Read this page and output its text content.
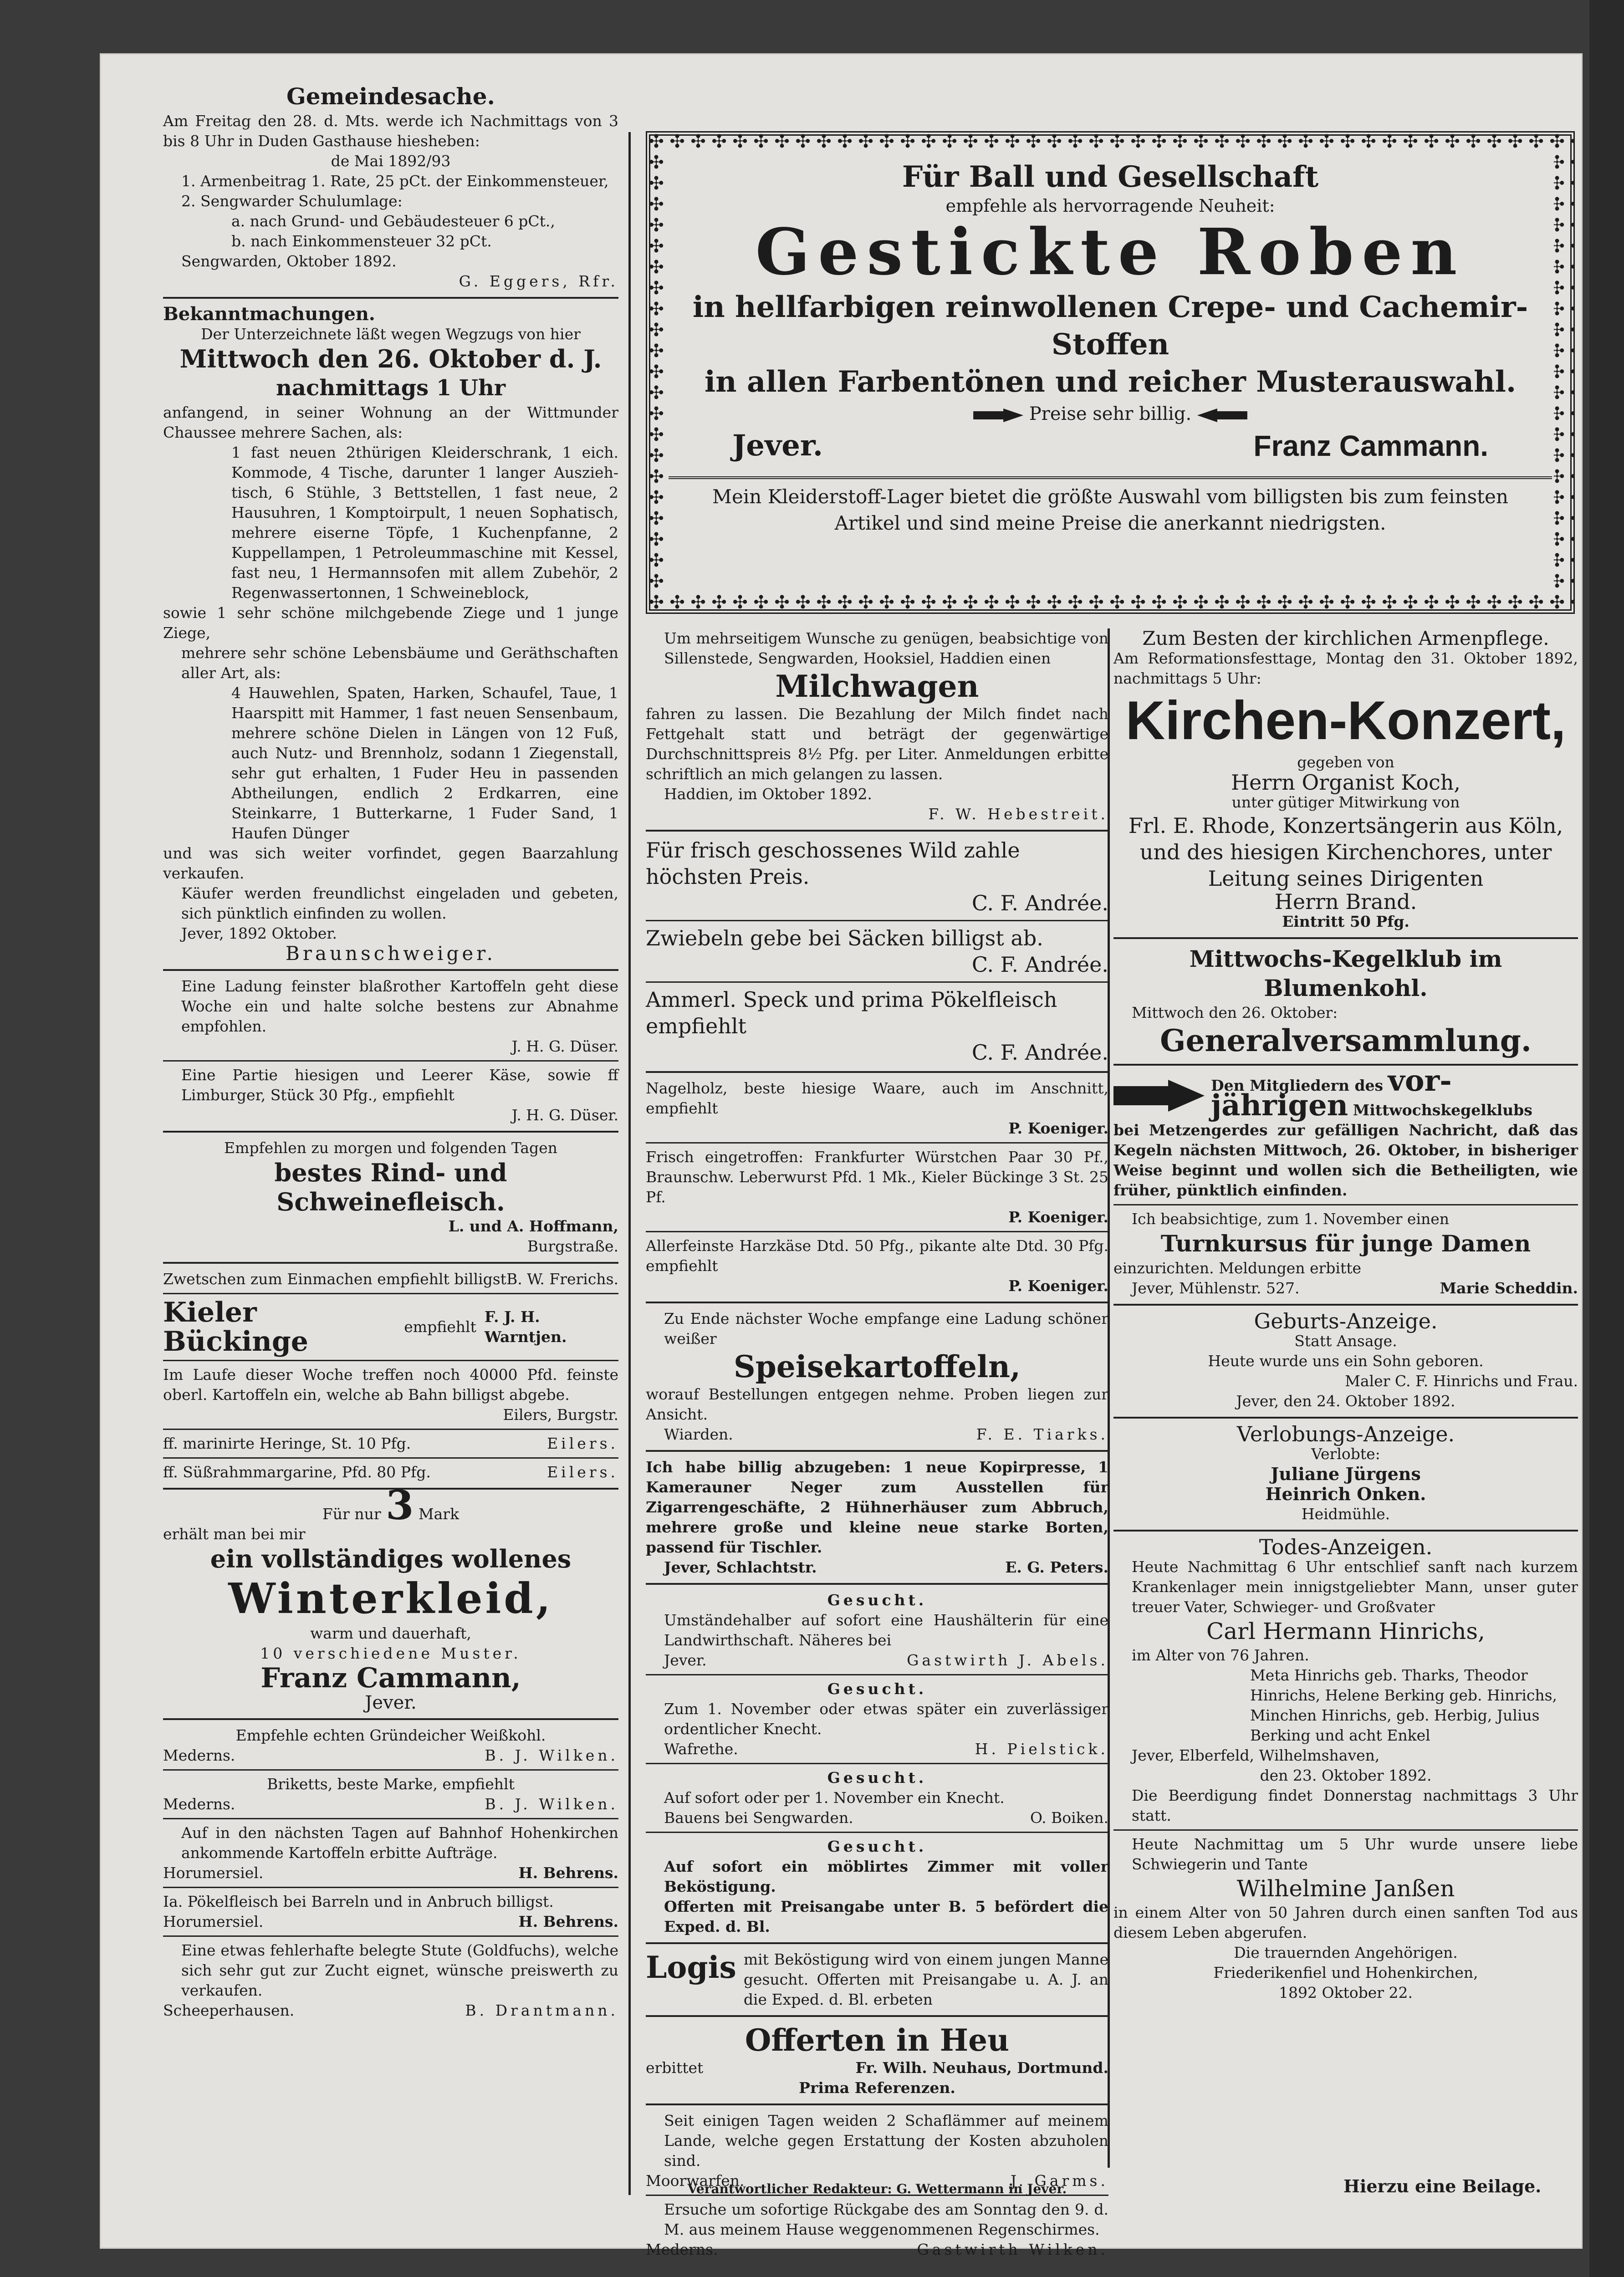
Gemeindesache.
Am Freitag den 28. d. Mts. werde ich Nachmittags von 3 bis 8 Uhr in Duden Gasthause hiesheben:
de Mai 1892/93
1. Armenbeitrag 1. Rate, 25 pCt. der Einkommensteuer,
2. Sengwarder Schulumlage:
a. nach Grund- und Gebäudesteuer 6 pCt.,
b. nach Einkommensteuer 32 pCt.
Sengwarden, Oktober 1892.
G. Eggers, Rfr.
Bekanntmachungen.
Der Unterzeichnete läßt wegen Wegzugs von hier
Mittwoch den 26. Oktober d. J.
nachmittags 1 Uhr
anfangend, in seiner Wohnung an der Wittmunder Chaussee mehrere Sachen, als:
1 fast neuen 2thürigen Kleiderschrank, 1 eich. Kommode, 4 Tische, darunter 1 langer Ausziehtisch, 6 Stühle, 3 Bettstellen, 1 fast neue, 2 Hausuhren, 1 Komptoirpult, 1 neuen Sophatisch, mehrere eiserne Töpfe, 1 Kuchenpfanne, 2 Kuppellampen, 1 Petroleummaschine mit Kessel, fast neu, 1 Hermannsofen mit allem Zubehör, 2 Regenwassertonnen, 1 Schweineblock,
sowie 1 sehr schöne milchgebende Ziege und 1 junge Ziege,
mehrere sehr schöne Lebensbäume und Geräthschaften aller Art, als:
4 Hauwehlen, Spaten, Harken, Schaufel, Taue, 1 Haarspitt mit Hammer, 1 fast neuen Sensenbaum, mehrere schöne Dielen in Längen von 12 Fuß, auch Nutz- und Brennholz, sodann 1 Ziegenstall, sehr gut erhalten, 1 Fuder Heu in passenden Abtheilungen, endlich 2 Erdkarren, eine Steinkarre, 1 Butterkarne, 1 Fuder Sand, 1 Haufen Dünger
und was sich weiter vorfindet, gegen Baarzahlung verkaufen.
Käufer werden freundlichst eingeladen und gebeten, sich pünktlich einfinden zu wollen.
Jever, 1892 Oktober.
Braunschweiger.
Eine Ladung feinster blaßrother Kartoffeln geht diese Woche ein und halte solche bestens zur Abnahme empfohlen.
J. H. G. Düser.
Eine Partie hiesigen und Leerer Käse, sowie ff Limburger, Stück 30 Pfg., empfiehlt
J. H. G. Düser.
Empfehlen zu morgen und folgenden Tagen
bestes Rind- und Schweinefleisch.
L. und A. Hoffmann,
Burgstraße.
Zwetschen zum Einmachen empfiehlt billigst B. W. Frerichs.
Kieler Bückinge	empfiehlt
F. J. H. Warntjen.
Im Laufe dieser Woche treffen noch 40000 Pfd. feinste oberl. Kartoffeln ein, welche ab Bahn billigst abgebe.
Eilers, Burgstr.
ff. marinirte Heringe, St. 10 Pfg.	Eilers.
ff. Süßrahmmargarine, Pfd. 80 Pfg.	Eilers.
Für nur 3 Mark
erhält man bei mir
ein vollständiges wollenes
Winterkleid,
warm und dauerhaft,
10 verschiedene Muster.
Franz Cammann,
Jever.
Empfehle echten Gründeicher Weißkohl.
Mederns.	B. J. Wilken.
Briketts, beste Marke, empfiehlt
Mederns.	B. J. Wilken.
Auf in den nächsten Tagen auf Bahnhof Hohenkirchen ankommende Kartoffeln erbitte Aufträge.
Horumersiel.	H. Behrens.
Ia. Pökelfleisch bei Barreln und in Anbruch billigst.
Horumersiel.	H. Behrens.
Eine etwas fehlerhafte belegte Stute (Goldfuchs), welche sich sehr gut zur Zucht eignet, wünsche preiswerth zu verkaufen.
Scheeperhausen.	B. Drantmann.
Für Ball und Gesellschaft
empfehle als hervorragende Neuheit:
Gestickte Roben
in hellfarbigen reinwollenen Crepe- und Cachemir-Stoffen
in allen Farbentönen und reicher Musterauswahl.
Preise sehr billig.
Jever.	Franz Cammann.
Mein Kleiderstoff-Lager bietet die größte Auswahl vom billigsten bis zum feinsten Artikel und sind meine Preise die anerkannt niedrigsten.
Um mehrseitigem Wunsche zu genügen, beabsichtige von Sillenstede, Sengwarden, Hooksiel, Haddien einen
Milchwagen
fahren zu lassen. Die Bezahlung der Milch findet nach Fettgehalt statt und beträgt der gegenwärtige Durchschnittspreis 8½ Pfg. per Liter. Anmeldungen erbitte schriftlich an mich gelangen zu lassen.
Haddien, im Oktober 1892.
F. W. Hebestreit.
Für frisch geschossenes Wild zahle höchsten Preis.
C. F. Andrée.
Zwiebeln gebe bei Säcken billigst ab.
C. F. Andrée.
Ammerl. Speck und prima Pökelfleisch empfiehlt
C. F. Andrée.
Nagelholz, beste hiesige Waare, auch im Anschnitt, empfiehlt
P. Koeniger.
Frisch eingetroffen: Frankfurter Würstchen Paar 30 Pf., Braunschw. Leberwurst Pfd. 1 Mk., Kieler Bückinge 3 St. 25 Pf.
P. Koeniger.
Allerfeinste Harzkäse Dtd. 50 Pfg., pikante alte Dtd. 30 Pfg. empfiehlt
P. Koeniger.
Zu Ende nächster Woche empfange eine Ladung schöner weißer
Speisekartoffeln,
worauf Bestellungen entgegen nehme. Proben liegen zur Ansicht.
Wiarden.	F. E. Tiarks.
Ich habe billig abzugeben: 1 neue Kopirpresse, 1 Kamerauner Neger zum Ausstellen für Zigarrengeschäfte, 2 Hühnerhäuser zum Abbruch, mehrere große und kleine neue starke Borten, passend für Tischler.
Jever, Schlachtstr.	E. G. Peters.
Gesucht.
Umständehalber auf sofort eine Haushälterin für eine Landwirthschaft. Näheres bei
Jever.	Gastwirth J. Abels.
Gesucht.
Zum 1. November oder etwas später ein zuverlässiger ordentlicher Knecht.
Wafrethe.	H. Pielstick.
Gesucht.
Auf sofort oder per 1. November ein Knecht.
Bauens bei Sengwarden.	O. Boiken.
Gesucht.
Auf sofort ein möblirtes Zimmer mit voller Beköstigung.
Offerten mit Preisangabe unter B. 5 befördert die Exped. d. Bl.
Logis mit Beköstigung wird von einem jungen Manne gesucht. Offerten mit Preisangabe u. A. J. an die Exped. d. Bl. erbeten
Offerten in Heu
erbittet	Fr. Wilh. Neuhaus, Dortmund.
Prima Referenzen.
Seit einigen Tagen weiden 2 Schaflämmer auf meinem Lande, welche gegen Erstattung der Kosten abzuholen sind.
Moorwarfen.	J. Garms.
Ersuche um sofortige Rückgabe des am Sonntag den 9. d. M. aus meinem Hause weggenommenen Regenschirmes.
Mederns.	Gastwirth Wilken.
Verantwortlicher Redakteur: G. Wettermann in Jever.
Zum Besten der kirchlichen Armenpflege.
Am Reformationsfesttage, Montag den 31. Oktober 1892, nachmittags 5 Uhr:
Kirchen-Konzert,
gegeben von
Herrn Organist Koch,
unter gütiger Mitwirkung von
Frl. E. Rhode, Konzertsängerin aus Köln, und des hiesigen Kirchenchores, unter Leitung seines Dirigenten
Herrn Brand.
Eintritt 50 Pfg.
Mittwochs-Kegelklub im
Blumenkohl.
Mittwoch den 26. Oktober:
Generalversammlung.
Den Mitgliedern des vor-
jährigen Mittwochskegelklubs
bei Metzengerdes zur gefälligen Nachricht, daß das Kegeln nächsten Mittwoch, 26. Oktober, in bisheriger Weise beginnt und wollen sich die Betheiligten, wie früher, pünktlich einfinden.
Ich beabsichtige, zum 1. November einen
Turnkursus für junge Damen
einzurichten. Meldungen erbitte
Jever, Mühlenstr. 527.	Marie Scheddin.
Geburts-Anzeige.
Statt Ansage.
Heute wurde uns ein Sohn geboren.
Maler C. F. Hinrichs und Frau.
Jever, den 24. Oktober 1892.
Verlobungs-Anzeige.
Verlobte:
Juliane Jürgens
Heinrich Onken.
Heidmühle.
Todes-Anzeigen.
Heute Nachmittag 6 Uhr entschlief sanft nach kurzem Krankenlager mein innigstgeliebter Mann, unser guter treuer Vater, Schwieger- und Großvater
Carl Hermann Hinrichs,
im Alter von 76 Jahren.
Meta Hinrichs geb. Tharks, Theodor Hinrichs, Helene Berking geb. Hinrichs, Minchen Hinrichs, geb. Herbig, Julius Berking und acht Enkel
Jever, Elberfeld, Wilhelmshaven,
den 23. Oktober 1892.
Die Beerdigung findet Donnerstag nachmittags 3 Uhr statt.
Heute Nachmittag um 5 Uhr wurde unsere liebe Schwiegerin und Tante
Wilhelmine Janßen
in einem Alter von 50 Jahren durch einen sanften Tod aus diesem Leben abgerufen.
Die trauernden Angehörigen.
Friederikenfiel und Hohenkirchen,
1892 Oktober 22.
Hierzu eine Beilage.
